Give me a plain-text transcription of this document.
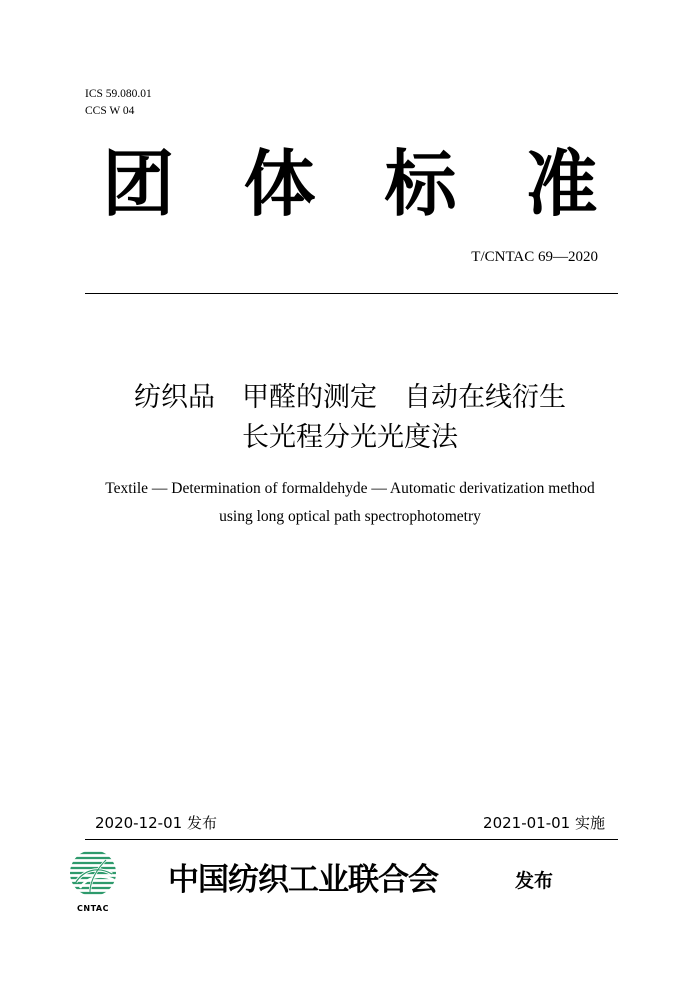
ICS 59.080.01
CCS W 04
团 体 标 准
T/CNTAC 69—2020
纺织品　甲醛的测定　自动在线衍生
长光程分光光度法
Textile — Determination of formaldehyde — Automatic derivatization method
using long optical path spectrophotometry
2020-12-01 发布	2021-01-01 实施
CNTAC
中国纺织工业联合会	发布
